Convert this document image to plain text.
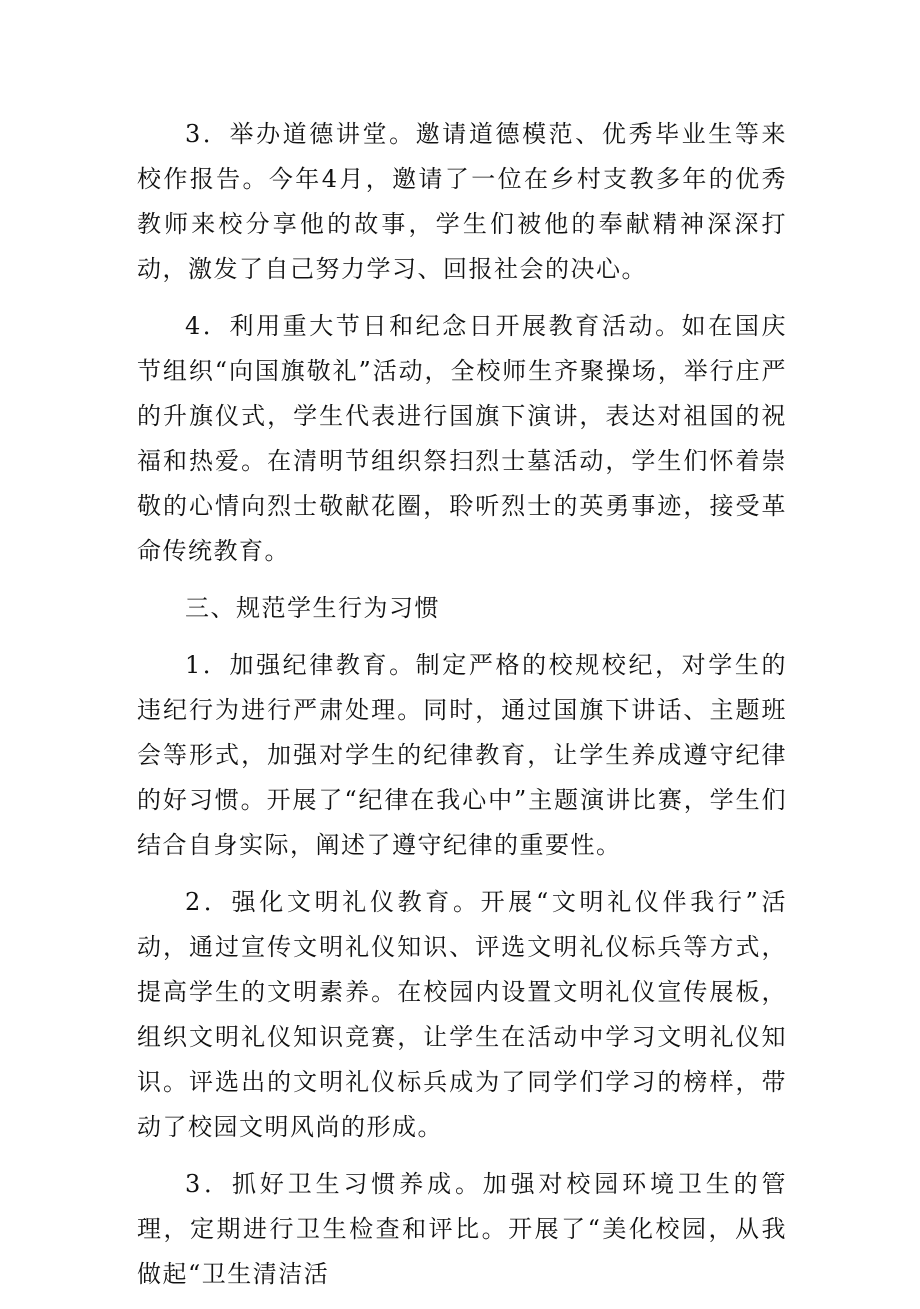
3．举办道德讲堂。邀请道德模范、优秀毕业生等来校作报告。今年4月，邀请了一位在乡村支教多年的优秀教师来校分享他的故事，学生们被他的奉献精神深深打动，激发了自己努力学习、回报社会的决心。

4．利用重大节日和纪念日开展教育活动。如在国庆节组织“向国旗敬礼”活动，全校师生齐聚操场，举行庄严的升旗仪式，学生代表进行国旗下演讲，表达对祖国的祝福和热爱。在清明节组织祭扫烈士墓活动，学生们怀着崇敬的心情向烈士敬献花圈，聆听烈士的英勇事迹，接受革命传统教育。

三、规范学生行为习惯

1．加强纪律教育。制定严格的校规校纪，对学生的违纪行为进行严肃处理。同时，通过国旗下讲话、主题班会等形式，加强对学生的纪律教育，让学生养成遵守纪律的好习惯。开展了“纪律在我心中”主题演讲比赛，学生们结合自身实际，阐述了遵守纪律的重要性。

2．强化文明礼仪教育。开展“文明礼仪伴我行”活动，通过宣传文明礼仪知识、评选文明礼仪标兵等方式，提高学生的文明素养。在校园内设置文明礼仪宣传展板，组织文明礼仪知识竞赛，让学生在活动中学习文明礼仪知识。评选出的文明礼仪标兵成为了同学们学习的榜样，带动了校园文明风尚的形成。

3．抓好卫生习惯养成。加强对校园环境卫生的管理，定期进行卫生检查和评比。开展了“美化校园，从我做起“卫生清洁活
